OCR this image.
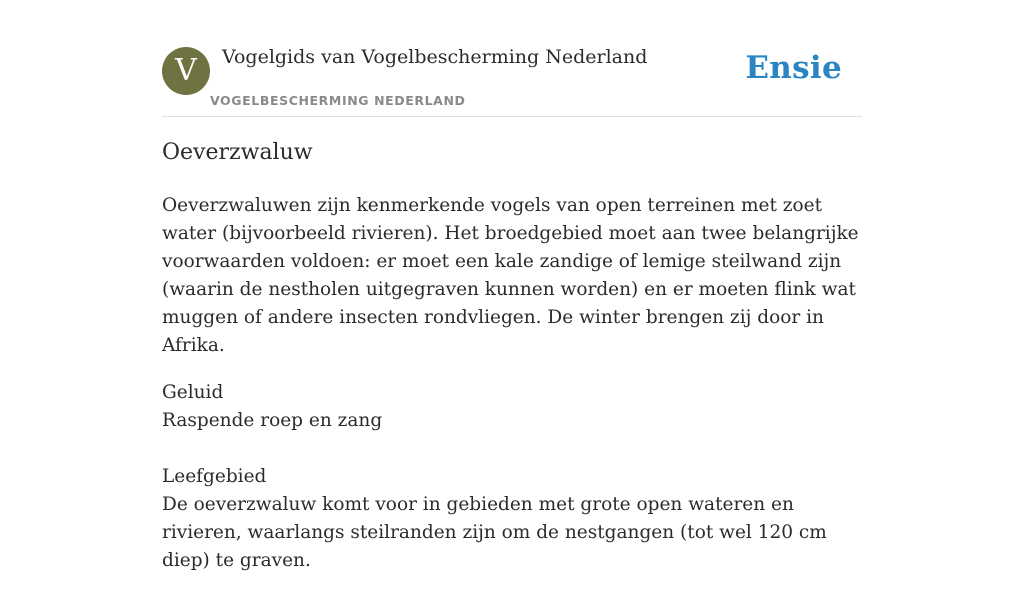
V	Vogelgids van Vogelbescherming Nederland
VOGELBESCHERMING NEDERLAND
Ensie
Oeverzwaluw

Oeverzwaluwen zijn kenmerkende vogels van open terreinen met zoet water (bijvoorbeeld rivieren). Het broedgebied moet aan twee belangrijke voorwaarden voldoen: er moet een kale zandige of lemige steilwand zijn (waarin de nestholen uitgegraven kunnen worden) en er moeten flink wat muggen of andere insecten rondvliegen. De winter brengen zij door in Afrika.

Geluid
Raspende roep en zang
Leefgebied
De oeverzwaluw komt voor in gebieden met grote open wateren en rivieren, waarlangs steilranden zijn om de nestgangen (tot wel 120 cm diep) te graven.
